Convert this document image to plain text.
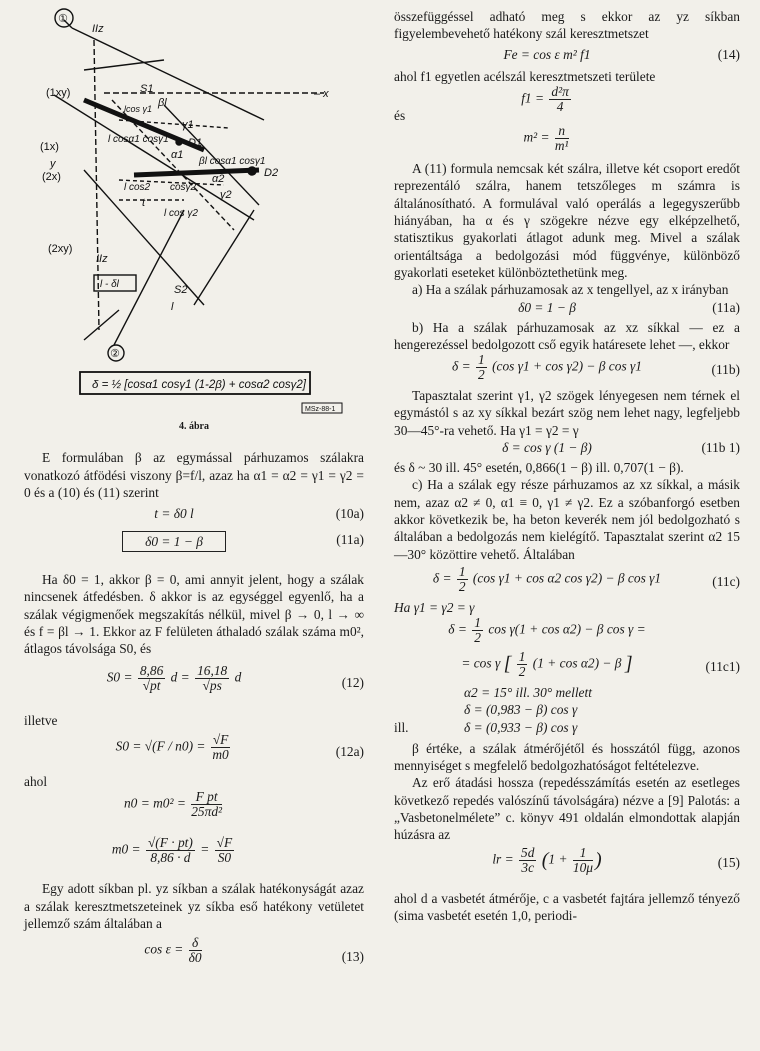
①
②
IIz
IIz
(1xy)
(1x)
(2x)
(2xy)
– x
y
S1
S2
l
βl
lcos γ1
l cosα1 cosγ1 D1
D2
α1
α2
γ1
γ2
βl cosα1 cosγ1
l cos2 cosγ2
l cos γ2
t
l - δl
δ = ½ [cosα1 cosγ1 (1-2β) + cosα2 cosγ2]
MSz-88-1
4. ábra

E formulában β az egymással párhuzamos szálakra vonatkozó átfödési viszony β=f/l, azaz ha α1 = α2 = γ1 = γ2 = 0 és a (10) és (11) szerint

t = δ0 l	(10a)
δ0 = 1 − β	(11a)

Ha δ0 = 1, akkor β = 0, ami annyit jelent, hogy a szálak nincsenek átfedésben. δ akkor is az egységgel egyenlő, ha a szálak végigmenőek megszakítás nélkül, mivel β → 0, l → ∞ és f = βl → 1. Ekkor az F felületen áthaladó szálak száma m0², átlagos távolsága S0, és

$S0 = \frac{8,86}{√pt}$ $d = \frac{16,18}{√ps}$ d	(12)

illetve

$S0 = √(F / n0) = \frac{√F}{m0}$	(12a)

ahol

$n0 = m0^2 = \frac{\text{F pt}}{\text{25πd²}}$
$m0 = \frac{√(F \cdot pt)}{8,86 \cdot d} = \frac{√F}{S0}$

Egy adott síkban pl. yz síkban a szálak hatékonyságát azaz a szálak keresztmetszeteinek yz síkba eső hatékony vetületet jellemző szám általában a

$\cos \varepsilon = \frac{\delta}{\delta 0}$	(13)

összefüggéssel adható meg s ekkor az yz síkban figyelembevehető hatékony szál keresztmetszet

Fe = cos ε m² f1	(14)

ahol f1 egyetlen acélszál keresztmetszeti területe

$f1 = \frac{\text{d²π}}{4}$

és

$m^2 = \frac{n}{\text{m¹}}$

A (11) formula nemcsak két szálra, illetve két csoport eredőt reprezentáló szálra, hanem tetszőleges m számra is általánosítható. A formulával való operálás a legegyszerűbb hiányában, ha α és γ szögekre nézve egy elképzelhető, statisztikus gyakorlati átlagot adunk meg. Mivel a szálak orientáltsága a bedolgozási mód függvénye, különböző gyakorlati eseteket különböztethetünk meg.

a) Ha a szálak párhuzamosak az x tengellyel, az x irányban

δ0 = 1 − β	(11a)

b) Ha a szálak párhuzamosak az xz síkkal — ez a hengerezéssel bedolgozott cső egyik határesete lehet —, ekkor

$\delta = \frac{1}{2} (\cos$ γ1 + cos γ2) − β cos γ1	(11b)

Tapasztalat szerint γ1, γ2 szögek lényegesen nem térnek el egymástól s az xy síkkal bezárt szög nem lehet nagy, legfeljebb 30—45°-ra vehető. Ha γ1 = γ2 = γ

δ = cos γ (1 − β)	(11b 1)

és δ ~ 30 ill. 45° esetén, 0,866(1 − β) ill. 0,707(1 − β).

c) Ha a szálak egy része párhuzamos az xz síkkal, a másik nem, azaz α2 ≠ 0, α1 ≡ 0, γ1 ≠ γ2. Ez a szóbanforgó esetben akkor következik be, ha beton keverék nem jól bedolgozható s általában a bedolgozás nem kielégítő. Tapasztalat szerint α2 15—30° közöttire vehető. Általában

$\delta = \frac{1}{2} (\cos$ γ1 + cos α2 cos γ2) − β cos γ1	(11c)

Ha γ1 = γ2 = γ

$\delta = \frac{1}{2}$ cos γ(1 + cos α2) − β cos γ =
= cos γ [ $\frac{1}{2} (1 + \cos \alpha 2) - \beta$ ]	(11c1)
α2 = 15° ill. 30° mellett
δ = (0,983 − β) cos γ
ill.	δ = (0,933 − β) cos γ

β értéke, a szálak átmérőjétől és hosszától függ, azonos mennyiséget s megfelelő bedolgozhatóságot feltételezve.

Az erő átadási hossza (repedésszámítás esetén az esetleges következő repedés valószínű távolságára) nézve a [9] Palotás: a „Vasbetonelmélete” c. könyv 491 oldalán elmondottak alapján húzásra az

lr = $\frac{5d}{3c} (1 + \frac{1}{10\mu}$ )	(15)

ahol d a vasbetét átmérője, c a vasbetét fajtára jellemző tényező (sima vasbetét esetén 1,0, periodi-
